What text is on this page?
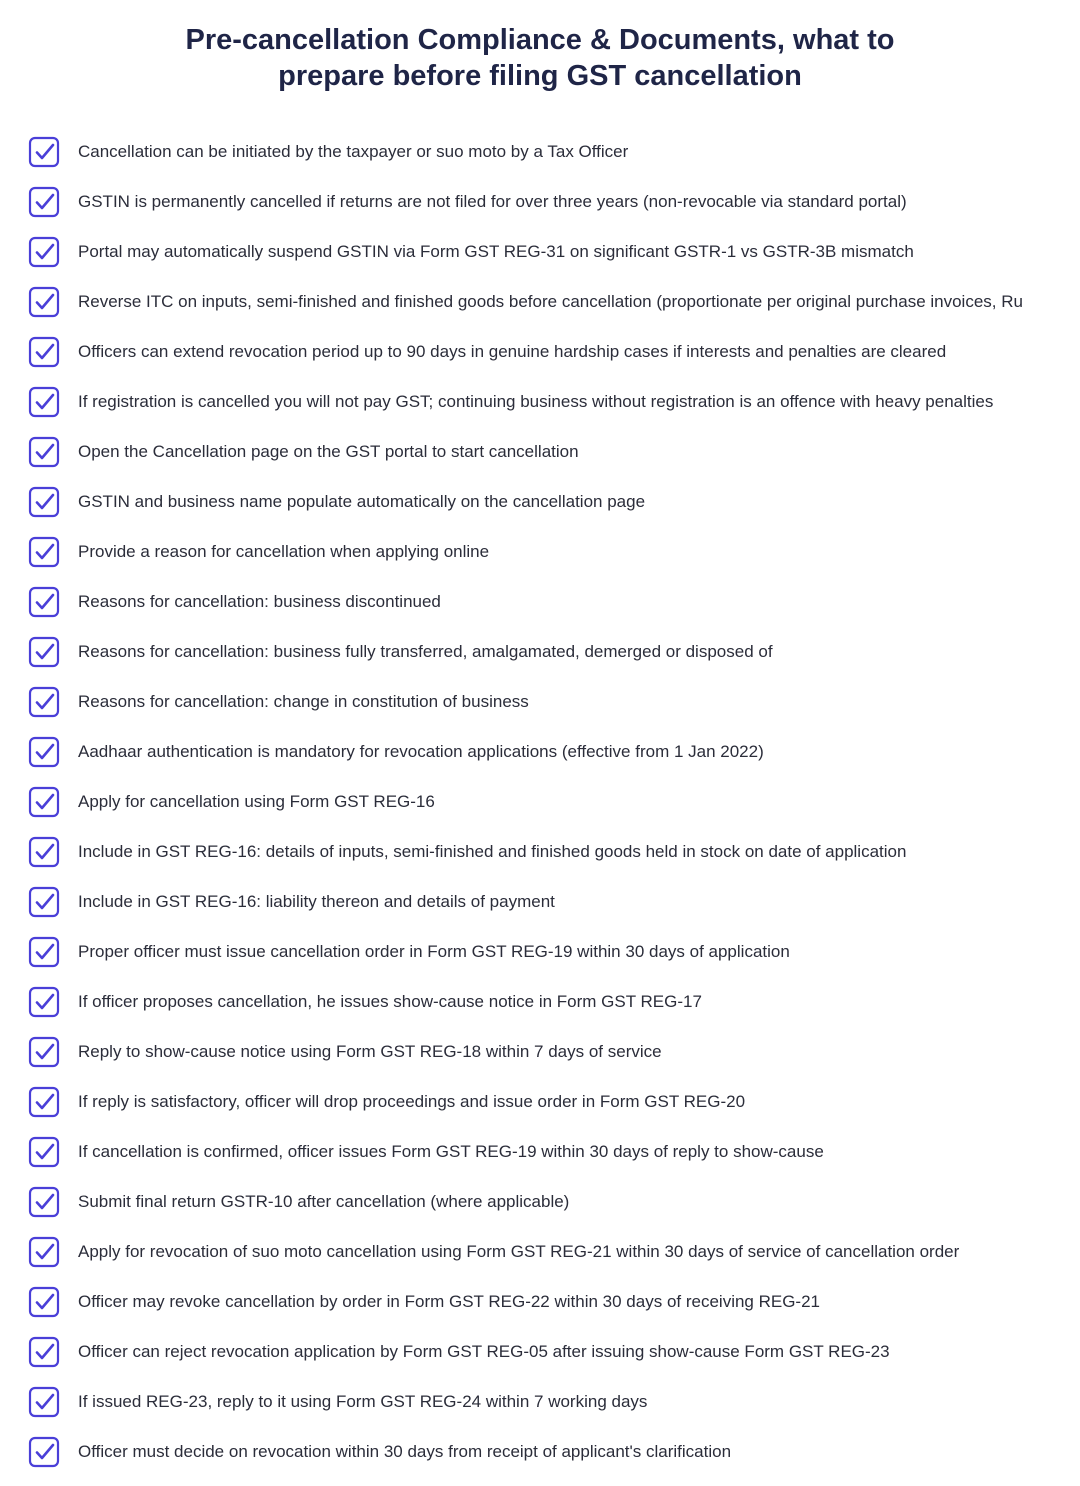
Pre-cancellation Compliance & Documents, what to
prepare before filing GST cancellation
Cancellation can be initiated by the taxpayer or suo moto by a Tax Officer
GSTIN is permanently cancelled if returns are not filed for over three years (non-revocable via standard portal)
Portal may automatically suspend GSTIN via Form GST REG-31 on significant GSTR-1 vs GSTR-3B mismatch
Reverse ITC on inputs, semi-finished and finished goods before cancellation (proportionate per original purchase invoices, Ru
Officers can extend revocation period up to 90 days in genuine hardship cases if interests and penalties are cleared
If registration is cancelled you will not pay GST; continuing business without registration is an offence with heavy penalties
Open the Cancellation page on the GST portal to start cancellation
GSTIN and business name populate automatically on the cancellation page
Provide a reason for cancellation when applying online
Reasons for cancellation: business discontinued
Reasons for cancellation: business fully transferred, amalgamated, demerged or disposed of
Reasons for cancellation: change in constitution of business
Aadhaar authentication is mandatory for revocation applications (effective from 1 Jan 2022)
Apply for cancellation using Form GST REG-16
Include in GST REG-16: details of inputs, semi-finished and finished goods held in stock on date of application
Include in GST REG-16: liability thereon and details of payment
Proper officer must issue cancellation order in Form GST REG-19 within 30 days of application
If officer proposes cancellation, he issues show-cause notice in Form GST REG-17
Reply to show-cause notice using Form GST REG-18 within 7 days of service
If reply is satisfactory, officer will drop proceedings and issue order in Form GST REG-20
If cancellation is confirmed, officer issues Form GST REG-19 within 30 days of reply to show-cause
Submit final return GSTR-10 after cancellation (where applicable)
Apply for revocation of suo moto cancellation using Form GST REG-21 within 30 days of service of cancellation order
Officer may revoke cancellation by order in Form GST REG-22 within 30 days of receiving REG-21
Officer can reject revocation application by Form GST REG-05 after issuing show-cause Form GST REG-23
If issued REG-23, reply to it using Form GST REG-24 within 7 working days
Officer must decide on revocation within 30 days from receipt of applicant's clarification
